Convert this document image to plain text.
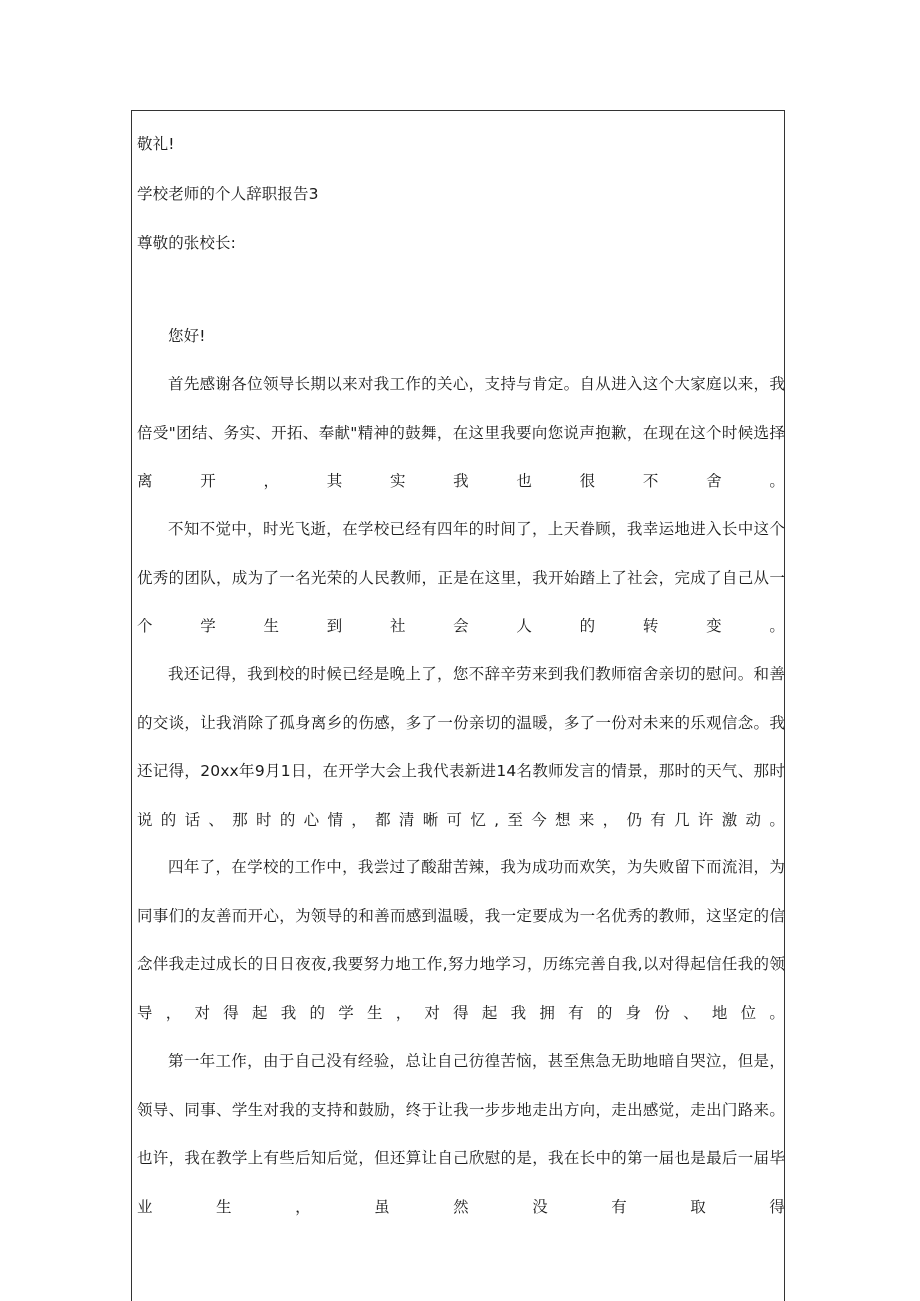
敬礼!
学校老师的个人辞职报告3
尊敬的张校长:
您好!
首先感谢各位领导长期以来对我工作的关心，支持与肯定。自从进入这个大家庭以来，我倍受"团结、务实、开拓、奉献"精神的鼓舞，在这里我要向您说声抱歉，在现在这个时候选择离开，其实我也很不舍。
不知不觉中，时光飞逝，在学校已经有四年的时间了，上天眷顾，我幸运地进入长中这个优秀的团队，成为了一名光荣的人民教师，正是在这里，我开始踏上了社会，完成了自己从一个学生到社会人的转变。
我还记得，我到校的时候已经是晚上了，您不辞辛劳来到我们教师宿舍亲切的慰问。和善的交谈，让我消除了孤身离乡的伤感，多了一份亲切的温暖，多了一份对未来的乐观信念。我还记得，20xx年9月1日，在开学大会上我代表新进14名教师发言的情景，那时的天气、那时说的话、那时的心情，都清晰可忆,至今想来，仍有几许激动。
四年了，在学校的工作中，我尝过了酸甜苦辣，我为成功而欢笑，为失败留下而流泪，为同事们的友善而开心，为领导的和善而感到温暖，我一定要成为一名优秀的教师，这坚定的信念伴我走过成长的日日夜夜,我要努力地工作,努力地学习，历练完善自我,以对得起信任我的领导，对得起我的学生，对得起我拥有的身份、地位。
第一年工作，由于自己没有经验，总让自己彷徨苦恼，甚至焦急无助地暗自哭泣，但是，领导、同事、学生对我的支持和鼓励，终于让我一步步地走出方向，走出感觉，走出门路来。也许，我在教学上有些后知后觉，但还算让自己欣慰的是，我在长中的第一届也是最后一届毕业生，虽然没有取得
